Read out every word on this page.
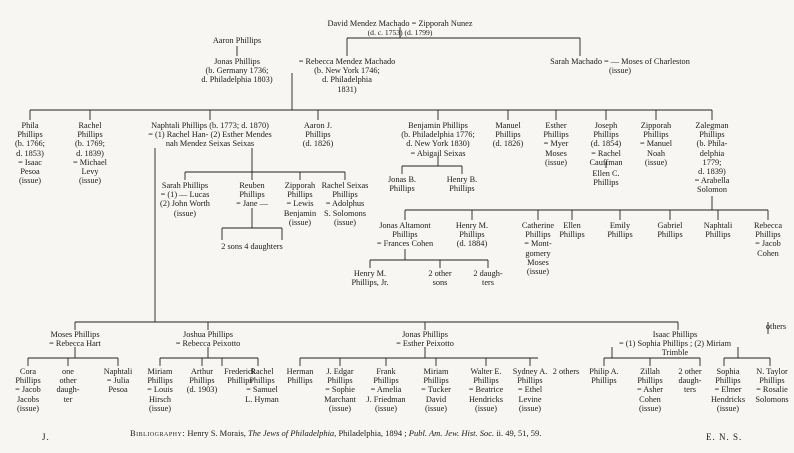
David Mendez Machado = Zipporah Nunez
(d. c. 1753) (d. 1799)
Aaron Phillips
Jonas Phillips
(b. Germany 1736;
d. Philadelphia 1803)
= Rebecca Mendez Machado
(b. New York 1746;
d. Philadelphia
1831)
Sarah Machado = — Moses of Charleston
(issue)
Phila
Phillips
(b. 1766;
d. 1853)
= Isaac
Pesoa
(issue)
Rachel
Phillips
(b. 1769;
d. 1839)
= Michael
Levy
(issue)
Naphtali Phillips (b. 1773; d. 1870)
= (1) Rachel Han- (2) Esther Mendes
nah Mendez Seixas Seixas
Aaron J.
Phillips
(d. 1826)
Benjamin Phillips
(b. Philadelphia 1776;
d. New York 1830)
= Abigail Seixas
Manuel
Phillips
(d. 1826)
Esther
Phillips
= Myer
Moses
(issue)
Joseph
Phillips
(d. 1854)
= Rachel
Cauffman
Zipporah
Phillips
= Manuel
Noah
(issue)
Zalegman
Phillips
(b. Phila-
delphia
1779;
d. 1839)
= Arabella
Solomon
Sarah Phillips
= (1) — Lucas
(2) John Worth
(issue)
Reuben
Phillips
= Jane —
Zipporah
Phillips
= Lewis
Benjamin
(issue)
Rachel Seixas
Phillips
= Adolphus
S. Solomons
(issue)
2 sons 4 daughters
Jonas B.
Phillips
Henry B.
Phillips
Ellen C.
Phillips
Jonas Altamont
Phillips
= Frances Cohen
Henry M.
Phillips
(d. 1884)
Catherine
Phillips
= Mont-
gomery
Moses
(issue)
Ellen
Phillips
Emily
Phillips
Gabriel
Phillips
Naphtali
Phillips
Rebecca
Phillips
= Jacob
Cohen
Henry M.
Phillips, Jr.
2 other
sons
2 daugh-
ters
others
Moses Phillips
= Rebecca Hart
Joshua Phillips
= Rebecca Peixotto
Jonas Phillips
= Esther Peixotto
Isaac Phillips
= (1) Sophia Phillips ; (2) Miriam Trimble
Cora
Phillips
= Jacob
Jacobs
(issue)
one
other
daugh-
ter
Naphtali
= Julia
Pesoa
Miriam
Phillips
= Louis
Hirsch
(issue)
Arthur
Phillips
(d. 1903)
Frederick
Phillips
Rachel
Phillips
= Samuel
L. Hyman
Herman
Phillips
J. Edgar
Phillips
= Sophie
Marchant
(issue)
Frank
Phillips
= Amelia
J. Friedman
(issue)
Miriam
Phillips
= Tucker
David
(issue)
Walter E.
Phillips
= Beatrice
Hendricks
(issue)
Sydney A.
Phillips
= Ethel
Levine
(issue)
2 others Philip A.
Phillips
Zillah
Phillips
= Asher
Cohen
(issue)
2 other
daugh-
ters
Sophia
Phillips
= Elmer
Hendricks
(issue)
N. Taylor
Phillips
= Rosalie
Solomons
Bibliography: Henry S. Morais, The Jews of Philadelphia, Philadelphia, 1894 ; Publ. Am. Jew. Hist. Soc. ii. 49, 51, 59.
J.	E. N. S.
